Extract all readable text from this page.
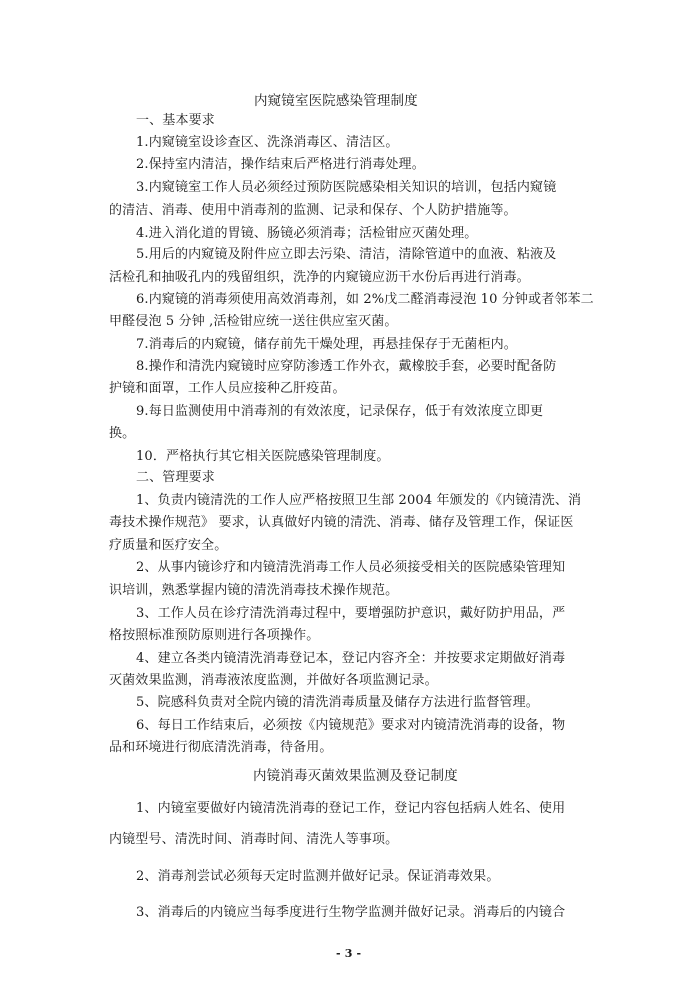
内窥镜室医院感染管理制度
一、基本要求
1.内窥镜室设诊查区、洗涤消毒区、清洁区。
2.保持室内清洁，操作结束后严格进行消毒处理。
3.内窥镜室工作人员必须经过预防医院感染相关知识的培训，包括内窥镜
的清洁、消毒、使用中消毒剂的监测、记录和保存、个人防护措施等。
4.进入消化道的胃镜、肠镜必须消毒；活检钳应灭菌处理。
5.用后的内窥镜及附件应立即去污染、清洁，清除管道中的血液、粘液及
活检孔和抽吸孔内的残留组织，洗净的内窥镜应沥干水份后再进行消毒。
6.内窥镜的消毒须使用高效消毒剂，如 2%戊二醛消毒浸泡 10 分钟或者邻苯二
甲醛侵泡 5 分钟 ,活检钳应统一送往供应室灭菌。
7.消毒后的内窥镜，储存前先干燥处理，再悬挂保存于无菌柜内。
8.操作和清洗内窥镜时应穿防渗透工作外衣，戴橡胶手套，必要时配备防
护镜和面罩，工作人员应接种乙肝疫苗。
9.每日监测使用中消毒剂的有效浓度，记录保存，低于有效浓度立即更
换。
10．严格执行其它相关医院感染管理制度。
二、管理要求
1、负责内镜清洗的工作人应严格按照卫生部 2004 年颁发的《内镜清洗、消
毒技术操作规范》 要求，认真做好内镜的清洗、消毒、储存及管理工作，保证医
疗质量和医疗安全。
2、从事内镜诊疗和内镜清洗消毒工作人员必须接受相关的医院感染管理知
识培训，熟悉掌握内镜的清洗消毒技术操作规范。
3、工作人员在诊疗清洗消毒过程中，要增强防护意识，戴好防护用品，严
格按照标准预防原则进行各项操作。
4、建立各类内镜清洗消毒登记本，登记内容齐全：并按要求定期做好消毒
灭菌效果监测，消毒液浓度监测，并做好各项监测记录。
5、院感科负责对全院内镜的清洗消毒质量及储存方法进行监督管理。
6、每日工作结束后，必须按《内镜规范》要求对内镜清洗消毒的设备，物
品和环境进行彻底清洗消毒，待备用。
内镜消毒灭菌效果监测及登记制度
1、内镜室要做好内镜清洗消毒的登记工作，登记内容包括病人姓名、使用
内镜型号、清洗时间、消毒时间、清洗人等事项。
2、消毒剂尝试必须每天定时监测并做好记录。保证消毒效果。
3、消毒后的内镜应当每季度进行生物学监测并做好记录。消毒后的内镜合
- 3 -
